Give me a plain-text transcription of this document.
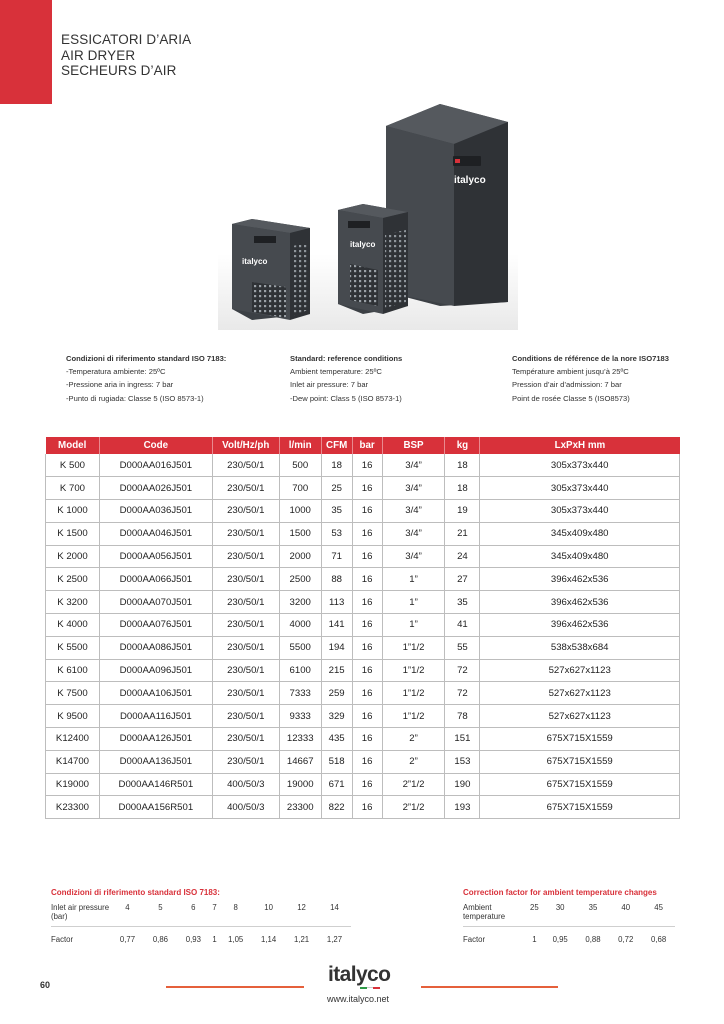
ESSICATORI D’ARIA
AIR DRYER
SECHEURS D’AIR
italyco
italyco
italyco
Condizioni di riferimento standard ISO 7183:
-Temperatura ambiente: 25ºC
-Pressione aria in ingress: 7 bar
-Punto di rugiada: Classe 5 (ISO 8573-1)
Standard: reference conditions
Ambient temperature: 25ºC
Inlet air pressure: 7 bar
-Dew point: Class 5 (ISO 8573-1)
Conditions de référence de la nore ISO7183
Température ambient jusqu’à 25ºC
Pression d’air d’admission: 7 bar
Point de rosée Classe 5 (ISO8573)
Model	Code	Volt/Hz/ph	l/min	CFM	bar	BSP	kg	LxPxH mm
K 500	D000AA016J501	230/50/1	500	18	16	3/4”	18	305x373x440
K 700	D000AA026J501	230/50/1	700	25	16	3/4”	18	305x373x440
K 1000	D000AA036J501	230/50/1	1000	35	16	3/4”	19	305x373x440
K 1500	D000AA046J501	230/50/1	1500	53	16	3/4”	21	345x409x480
K 2000	D000AA056J501	230/50/1	2000	71	16	3/4”	24	345x409x480
K 2500	D000AA066J501	230/50/1	2500	88	16	1”	27	396x462x536
K 3200	D000AA070J501	230/50/1	3200	113	16	1”	35	396x462x536
K 4000	D000AA076J501	230/50/1	4000	141	16	1”	41	396x462x536
K 5500	D000AA086J501	230/50/1	5500	194	16	1”1/2	55	538x538x684
K 6100	D000AA096J501	230/50/1	6100	215	16	1”1/2	72	527x627x1123
K 7500	D000AA106J501	230/50/1	7333	259	16	1”1/2	72	527x627x1123
K 9500	D000AA116J501	230/50/1	9333	329	16	1”1/2	78	527x627x1123
K12400	D000AA126J501	230/50/1	12333	435	16	2”	151	675X715X1559
K14700	D000AA136J501	230/50/1	14667	518	16	2”	153	675X715X1559
K19000	D000AA146R501	400/50/3	19000	671	16	2”1/2	190	675X715X1559
K23300	D000AA156R501	400/50/3	23300	822	16	2”1/2	193	675X715X1559
Condizioni di riferimento standard ISO 7183:
Inlet air pressure (bar)	4	5	6	7	8	10	12	14
Factor	0,77	0,86	0,93	1	1,05	1,14	1,21	1,27
Correction factor for ambient temperature changes
Ambient temperature	25	30	35	40	45
Factor	1	0,95	0,88	0,72	0,68
60	italyco
www.italyco.net
